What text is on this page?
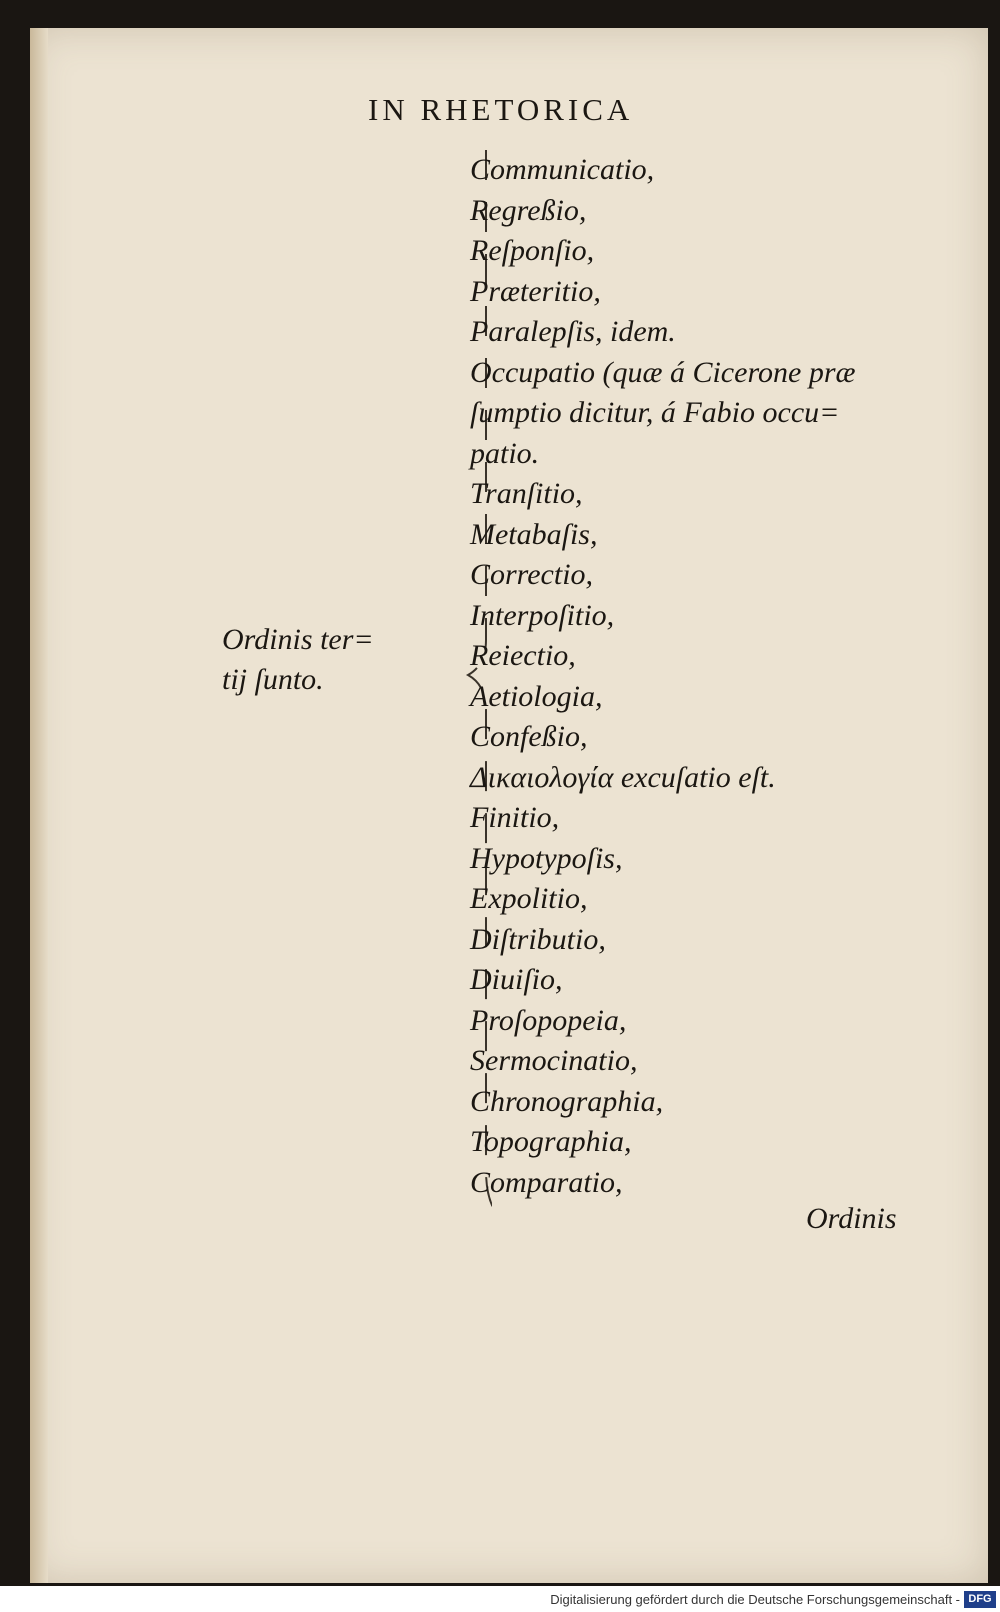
IN RHETORICA
Ordinis ter=
tij ſunto.
Communicatio,
Regreßio,
Reſponſio,
Præteritio,
Paralepſis, idem.
Occupatio (quæ á Cicerone præ
ſumptio dicitur, á Fabio occu=
patio.
Tranſitio,
Metabaſis,
Correctio,
Interpoſitio,
Reiectio,
Aetiologia,
Confeßio,
Δικαιολογία excuſatio eſt.
Finitio,
Hypotypoſis,
Expolitio,
Diſtributio,
Diuiſio,
Proſopopeia,
Sermocinatio,
Chronographia,
Topographia,
Comparatio,
Ordinis
Digitalisierung gefördert durch die Deutsche Forschungsgemeinschaft - DFG
